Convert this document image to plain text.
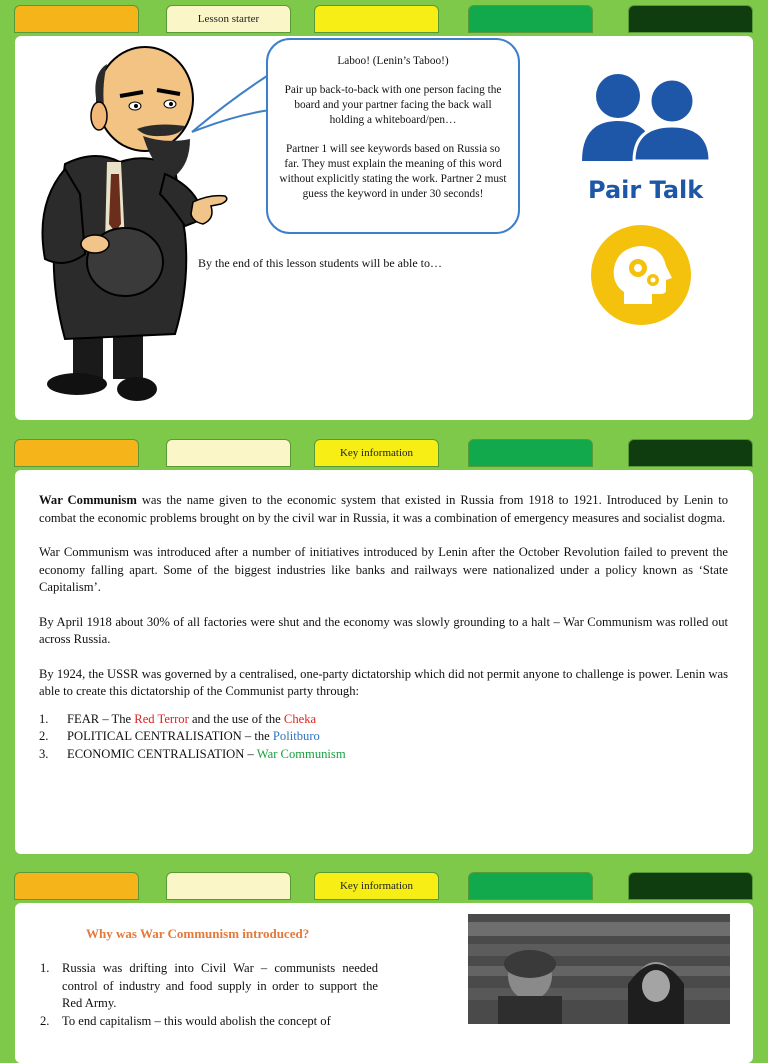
Lesson starter

Laboo! (Lenin’s Taboo!)

Pair up back-to-back with one person facing the board and your partner facing the back wall holding a whiteboard/pen…

Partner 1 will see keywords based on Russia so far. They must explain the meaning of this word without explicitly stating the work. Partner 2 must guess the keyword in under 30 seconds!

By the end of this lesson students will be able to…
Pair Talk
Key information

War Communism was the name given to the economic system that existed in Russia from 1918 to 1921. Introduced by Lenin to combat the economic problems brought on by the civil war in Russia, it was a combination of emergency measures and socialist dogma.

War Communism was introduced after a number of initiatives introduced by Lenin after the October Revolution failed to prevent the economy falling apart. Some of the biggest industries like banks and railways were nationalized under a policy known as ‘State Capitalism’.

By April 1918 about 30% of all factories were shut and the economy was slowly grounding to a halt – War Communism was rolled out across Russia.

By 1924, the USSR was governed by a centralised, one-party dictatorship which did not permit anyone to challenge is power. Lenin was able to create this dictatorship of the Communist party through:

1.	FEAR – The Red Terror and the use of the Cheka
2.	POLITICAL CENTRALISATION – the Politburo
3.	ECONOMIC CENTRALISATION – War Communism
Key information
Why was War Communism introduced?
1. Russia was drifting into Civil War – communists needed control of industry and food supply in order to support the Red Army.
2. To end capitalism – this would abolish the concept of
